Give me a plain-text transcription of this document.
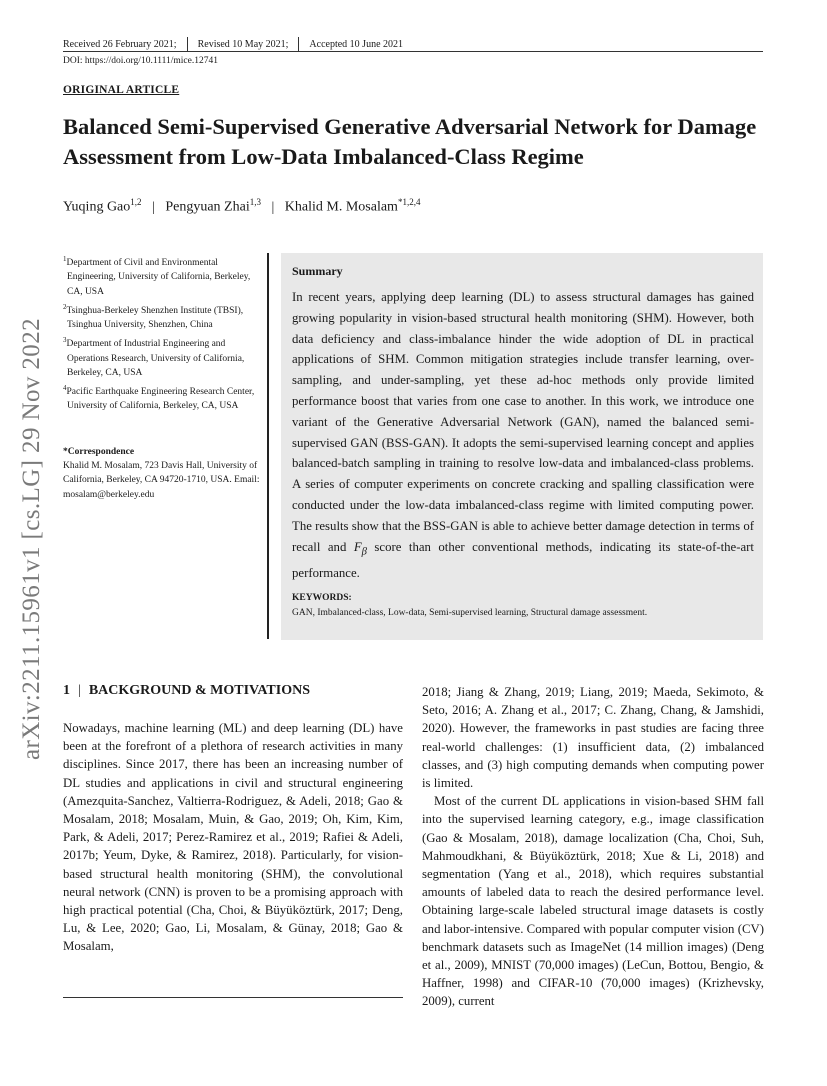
arXiv:2211.15961v1 [cs.LG] 29 Nov 2022
Received 26 February 2021; Revised 10 May 2021; Accepted 10 June 2021
DOI: https://doi.org/10.1111/mice.12741
ORIGINAL ARTICLE
Balanced Semi-Supervised Generative Adversarial Network for Damage Assessment from Low-Data Imbalanced-Class Regime
Yuqing Gao$^{1,2}$ | Pengyuan Zhai$^{1,3}$ | Khalid M. Mosalam$^{*1,2,4}$
$^1$Department of Civil and Environmental Engineering, University of California, Berkeley, CA, USA
$^2$Tsinghua-Berkeley Shenzhen Institute (TBSI), Tsinghua University, Shenzhen, China
$^3$Department of Industrial Engineering and Operations Research, University of California, Berkeley, CA, USA
$^4$Pacific Earthquake Engineering Research Center, University of California, Berkeley, CA, USA
*Correspondence
Khalid M. Mosalam, 723 Davis Hall, University of California, Berkeley, CA 94720-1710, USA. Email: mosalam@berkeley.edu
Summary
In recent years, applying deep learning (DL) to assess structural damages has gained growing popularity in vision-based structural health monitoring (SHM). However, both data deficiency and class-imbalance hinder the wide adoption of DL in practical applications of SHM. Common mitigation strategies include transfer learning, over-sampling, and under-sampling, yet these ad-hoc methods only provide limited performance boost that varies from one case to another. In this work, we introduce one variant of the Generative Adversarial Network (GAN), named the balanced semi-supervised GAN (BSS-GAN). It adopts the semi-supervised learning concept and applies balanced-batch sampling in training to resolve low-data and imbalanced-class problems. A series of computer experiments on concrete cracking and spalling classification were conducted under the low-data imbalanced-class regime with limited computing power. The results show that the BSS-GAN is able to achieve better damage detection in terms of recall and $F_\beta$ score than other conventional methods, indicating its state-of-the-art performance.
KEYWORDS:
GAN, Imbalanced-class, Low-data, Semi-supervised learning, Structural damage assessment.
1 | BACKGROUND & MOTIVATIONS

Nowadays, machine learning (ML) and deep learning (DL) have been at the forefront of a plethora of research activities in many disciplines. Since 2017, there has been an increasing number of DL studies and applications in civil and structural engineering (Amezquita-Sanchez, Valtierra-Rodriguez, & Adeli, 2018; Gao & Mosalam, 2018; Mosalam, Muin, & Gao, 2019; Oh, Kim, Kim, Park, & Adeli, 2017; Perez-Ramirez et al., 2019; Rafiei & Adeli, 2017b; Yeum, Dyke, & Ramirez, 2018). Particularly, for vision-based structural health monitoring (SHM), the convolutional neural network (CNN) is proven to be a promising approach with high practical potential (Cha, Choi, & Büyüköztürk, 2017; Deng, Lu, & Lee, 2020; Gao, Li, Mosalam, & Günay, 2018; Gao & Mosalam,

2018; Jiang & Zhang, 2019; Liang, 2019; Maeda, Sekimoto, & Seto, 2016; A. Zhang et al., 2017; C. Zhang, Chang, & Jamshidi, 2020). However, the frameworks in past studies are facing three real-world challenges: (1) insufficient data, (2) imbalanced classes, and (3) high computing demands when computing power is limited.

Most of the current DL applications in vision-based SHM fall into the supervised learning category, e.g., image classification (Gao & Mosalam, 2018), damage localization (Cha, Choi, Suh, Mahmoudkhani, & Büyüköztürk, 2018; Xue & Li, 2018) and segmentation (Yang et al., 2018), which requires substantial amounts of labeled data to reach the desired performance level. Obtaining large-scale labeled structural image datasets is costly and labor-intensive. Compared with popular computer vision (CV) benchmark datasets such as ImageNet (14 million images) (Deng et al., 2009), MNIST (70,000 images) (LeCun, Bottou, Bengio, & Haffner, 1998) and CIFAR-10 (70,000 images) (Krizhevsky, 2009), current
